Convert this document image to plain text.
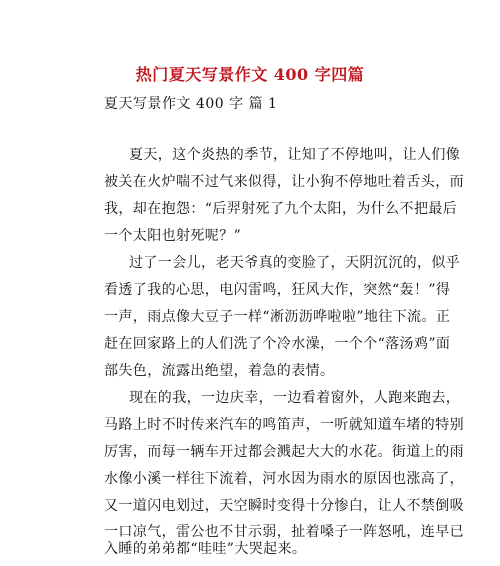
热门夏天写景作文 400 字四篇
夏天写景作文 400 字 篇 1
夏天，这个炎热的季节，让知了不停地叫，让人们像
被关在火炉喘不过气来似得，让小狗不停地吐着舌头，而
我，却在抱怨：“后羿射死了九个太阳，为什么不把最后
一个太阳也射死呢？”
过了一会儿，老天爷真的变脸了，天阴沉沉的，似乎
看透了我的心思，电闪雷鸣，狂风大作，突然“轰！”得
一声，雨点像大豆子一样“淅沥沥哗啦啦”地往下流。正
赶在回家路上的人们洗了个冷水澡，一个个“落汤鸡”面
部失色，流露出绝望，着急的表情。
现在的我，一边庆幸，一边看着窗外，人跑来跑去，
马路上时不时传来汽车的鸣笛声，一听就知道车堵的特别
厉害，而每一辆车开过都会溅起大大的水花。街道上的雨
水像小溪一样往下流着，河水因为雨水的原因也涨高了，
又一道闪电划过，天空瞬时变得十分惨白，让人不禁倒吸
一口凉气，雷公也不甘示弱，扯着嗓子一阵怒吼，连早已
入睡的弟弟都“哇哇”大哭起来。
